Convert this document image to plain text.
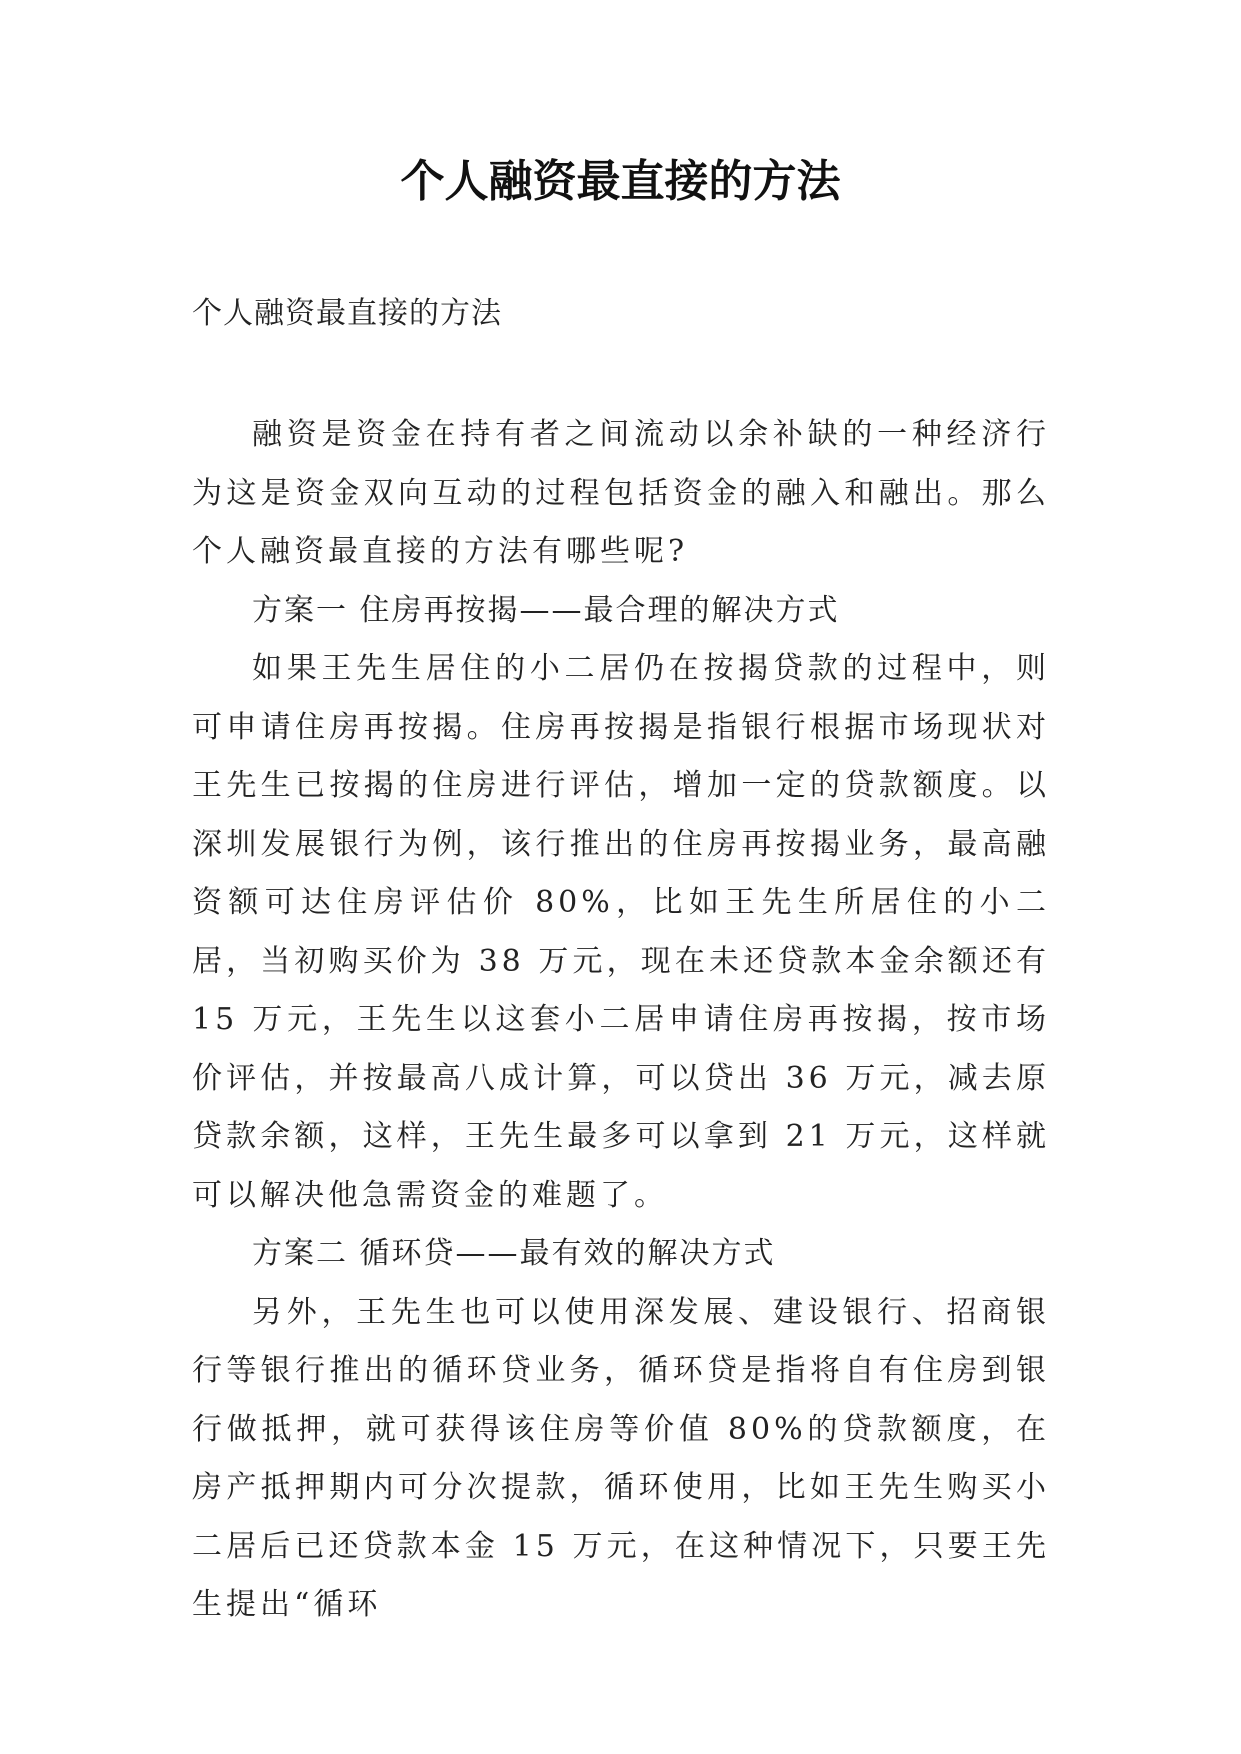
个人融资最直接的方法

个人融资最直接的方法

融资是资金在持有者之间流动以余补缺的一种经济行为这是资金双向互动的过程包括资金的融入和融出。那么个人融资最直接的方法有哪些呢?

方案一 住房再按揭——最合理的解决方式

如果王先生居住的小二居仍在按揭贷款的过程中，则可申请住房再按揭。住房再按揭是指银行根据市场现状对王先生已按揭的住房进行评估，增加一定的贷款额度。以深圳发展银行为例，该行推出的住房再按揭业务，最高融资额可达住房评估价 80%，比如王先生所居住的小二居，当初购买价为 38 万元，现在未还贷款本金余额还有 15 万元，王先生以这套小二居申请住房再按揭，按市场价评估，并按最高八成计算，可以贷出 36 万元，减去原贷款余额，这样，王先生最多可以拿到 21 万元，这样就可以解决他急需资金的难题了。

方案二 循环贷——最有效的解决方式

另外，王先生也可以使用深发展、建设银行、招商银行等银行推出的循环贷业务，循环贷是指将自有住房到银行做抵押，就可获得该住房等价值 80%的贷款额度，在房产抵押期内可分次提款，循环使用，比如王先生购买小二居后已还贷款本金 15 万元，在这种情况下，只要王先生提出“循环
